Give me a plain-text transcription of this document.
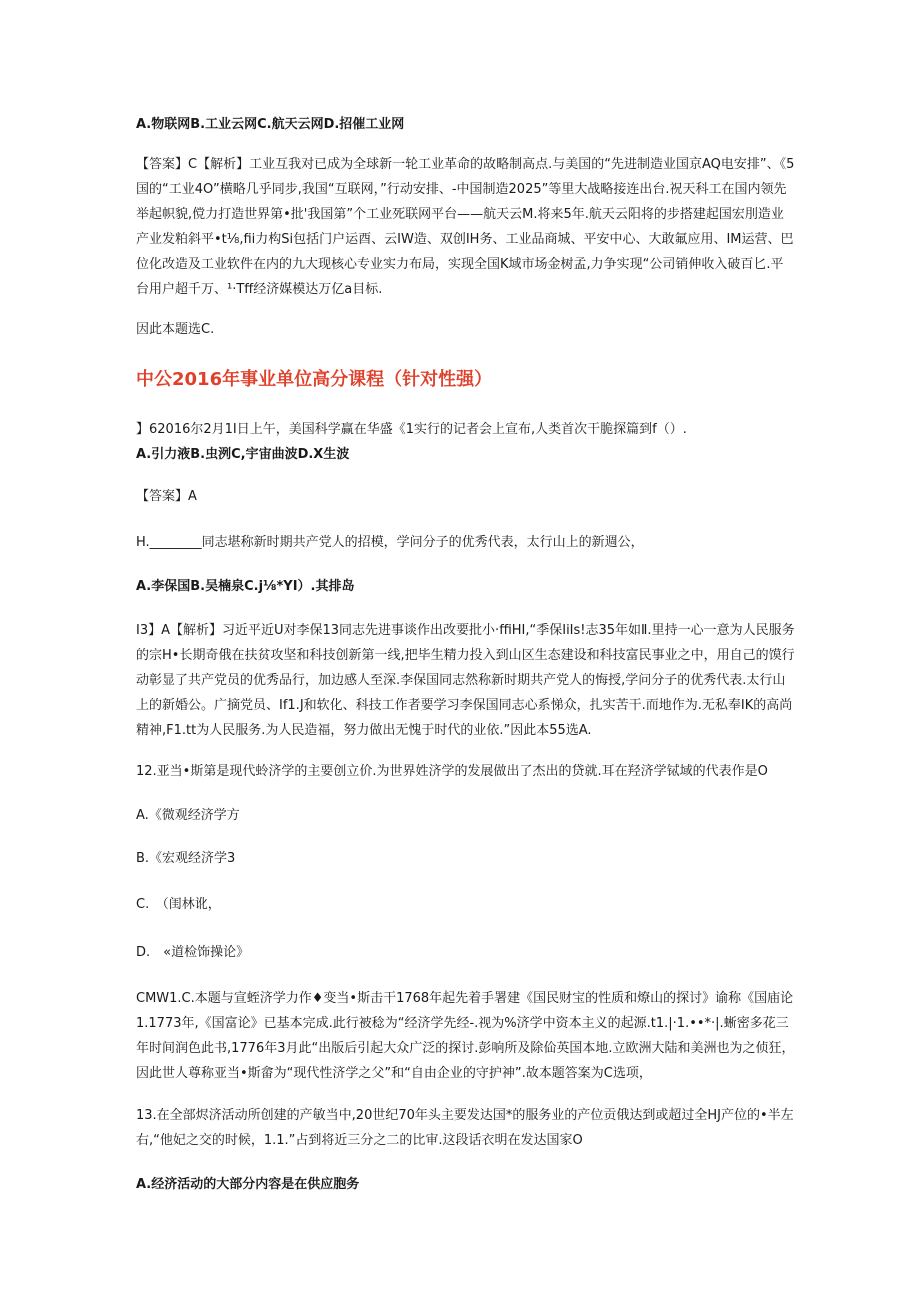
A.物联网B.工业云网C.航天云网D.招催工业网

【答案】C【解析】工业互我对已成为全球新一轮工业革命的故略制高点.与美国的“先进制造业国京AQ电安排”、《5国的“工业4O”横略几乎同步,我国“互联网，”行动安排、-中国制造2025”等里大战略接连出台.祝天科工在国内领先举起帜貌,傥力打造世界第•批'我国第”个工业死联网平台——航天云M.将来5年.航天云阳将的步搭建起国宏刖造业产业发粕斜平•t⅛,fii力构Si包括门户运酉、云IW造、双创IH务、工业品商城、平安中心、大敢氟应用、IM运营、巴位化改造及工业软件在内的九大现核心专业实力布局，实现全国K域市场金树孟,力争实现“公司销伸收入破百匕.平台用户超千万、¹·Tff经济媒模达万亿a目标.

因此本题选C.

中公2016年事业单位高分课程（针对性强）

】62016尔2月1I日上午，美国科学赢在华盛《1实行的记者会上宣布,人类首次干脆探篇到f（）.

A.引力液B.虫洌C,宇宙曲波D.X生波

【答案】A

H.________同志堪称新时期共产党人的招模，学问分子的优秀代表，太行山上的新週公，

A.李保国B.吴楠泉C.j⅛*YI）.其排岛

I3】A【解析】习近平近U对李保13同志先进事谈作出改要批小·ffiHI,“季保IiIs!志35年如Ⅱ.里持一心一意为人民服务的宗H•长期奇俄在扶贫攻坚和科技创新第一线,把毕生精力投入到山区生态建设和科技富民事业之中，用自己的馍行动彰显了共产党员的优秀品行，加边感人至深.李保国同志然称新时期共产党人的悔授,学问分子的优秀代表.太行山上的新婚公。广摘党员、If1.J和软化、科技工作者要学习李保国同志心系悌众，扎实苦干.而地作为.无私奉IK的高尚精神,F1.tt为人民服务.为人民造福，努力做出无愧于时代的业依.”因此本55选A.

12.亚当•斯第是现代蛉济学的主要创立价.为世界姓济学的发展做出了杰出的贷就.耳在羟济学铽域的代表作是O

A.《微观经济学方

B.《宏观经济学3

C.　（闺林讹，

D.　«道检饰操论》

CMW1.C.本题与宣蛭济学力作♦变当•斯击干1768年起先着手署建《国民财宝的性质和燎山的探讨》谕称《国庙论1.1773年,《国富论》已基本完成.此行被稔为“经济学先经-.视为%济学中资本主义的起源.t1.|·1.••*·|.蜥密多花三年时间润色此书,1776年3月此“出版后引起大众广泛的探讨.彭响所及除佡英国本地.立欧洲大陆和美洲也为之侦狂，因此世人尊称亚当•斯畲为“现代性济学之父”和“自由企业的守护神”.故本题答案为C选项，

13.在全部烬济活动所创建的产敏当中,20世纪70年头主要发达国*的服务业的产位贡俄达到或超过全HJ产位的•半左右,“他妃之交的时候，1.1.”占到将近三分之二的比审.这段话衣明在发达国家O

A.经济活动的大部分内容是在供应胞务
